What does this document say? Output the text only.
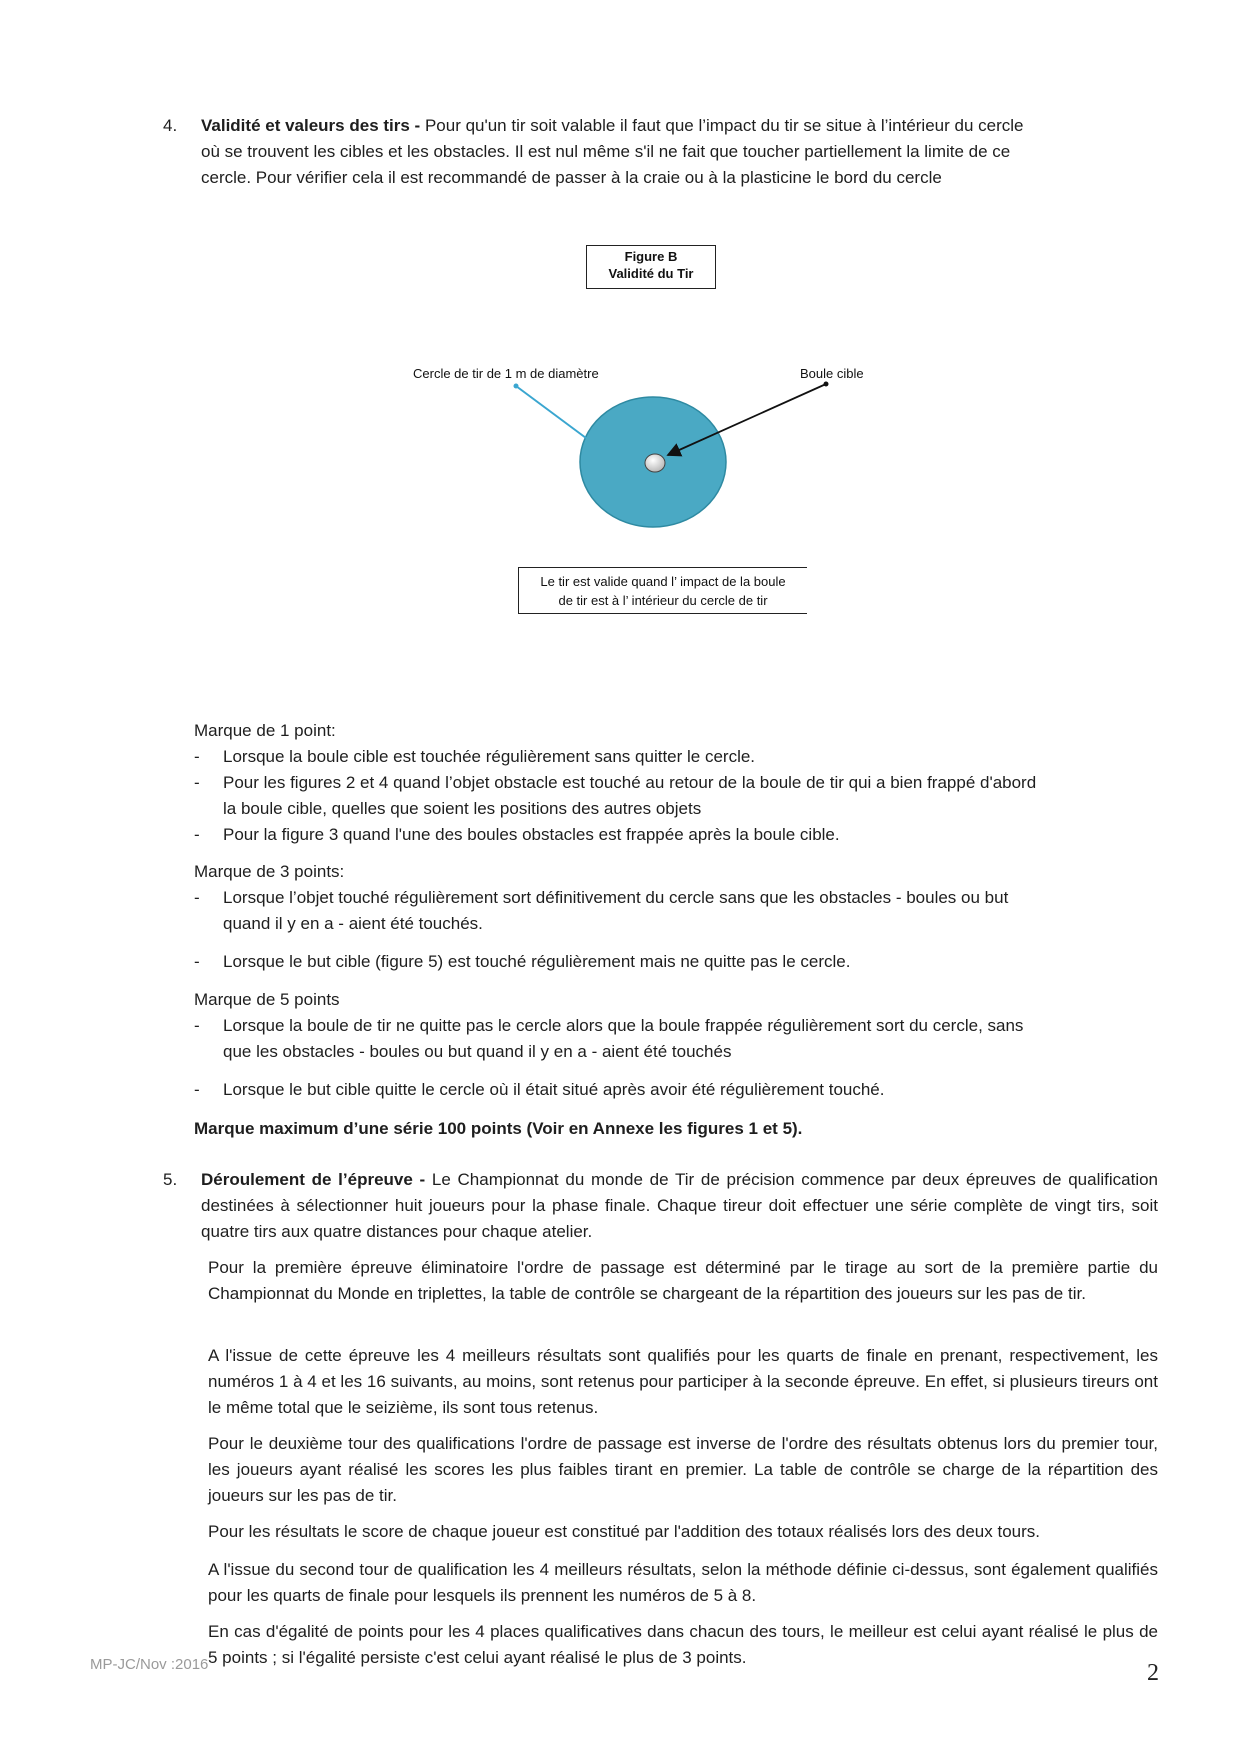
4. Validité et valeurs des tirs - Pour qu'un tir soit valable il faut que l’impact du tir se situe à l’intérieur du cercle
où se trouvent les cibles et les obstacles. Il est nul même s'il ne fait que toucher partiellement la limite de ce
cercle. Pour vérifier cela il est recommandé de passer à la craie ou à la plasticine le bord du cercle
Figure B
Validité du Tir
Cercle de tir de 1 m de diamètre	Boule cible
Le tir est valide quand l’ impact de la boule
de tir est à l’ intérieur du cercle de tir
Marque de 1 point:
- Lorsque la boule cible est touchée régulièrement sans quitter le cercle.
- Pour les figures 2 et 4 quand l’objet obstacle est touché au retour de la boule de tir qui a bien frappé d'abord
la boule cible, quelles que soient les positions des autres objets
- Pour la figure 3 quand l'une des boules obstacles est frappée après la boule cible.
Marque de 3 points:
- Lorsque l’objet touché régulièrement sort définitivement du cercle sans que les obstacles - boules ou but
quand il y en a - aient été touchés.
- Lorsque le but cible (figure 5) est touché régulièrement mais ne quitte pas le cercle.
Marque de 5 points
- Lorsque la boule de tir ne quitte pas le cercle alors que la boule frappée régulièrement sort du cercle, sans
que les obstacles - boules ou but quand il y en a - aient été touchés
- Lorsque le but cible quitte le cercle où il était situé après avoir été régulièrement touché.
Marque maximum d’une série 100 points (Voir en Annexe les figures 1 et 5).
5. Déroulement de l’épreuve - Le Championnat du monde de Tir de précision commence par deux épreuves de qualification destinées à sélectionner huit joueurs pour la phase finale. Chaque tireur doit effectuer une série complète de vingt tirs, soit quatre tirs aux quatre distances pour chaque atelier.
Pour la première épreuve éliminatoire l'ordre de passage est déterminé par le tirage au sort de la première partie du Championnat du Monde en triplettes, la table de contrôle se chargeant de la répartition des joueurs sur les pas de tir.
A l'issue de cette épreuve les 4 meilleurs résultats sont qualifiés pour les quarts de finale en prenant, respectivement, les numéros 1 à 4 et les 16 suivants, au moins, sont retenus pour participer à la seconde épreuve. En effet, si plusieurs tireurs ont le même total que le seizième, ils sont tous retenus.
Pour le deuxième tour des qualifications l'ordre de passage est inverse de l'ordre des résultats obtenus lors du premier tour, les joueurs ayant réalisé les scores les plus faibles tirant en premier. La table de contrôle se charge de la répartition des joueurs sur les pas de tir.
Pour les résultats le score de chaque joueur est constitué par l'addition des totaux réalisés lors des deux tours.
A l'issue du second tour de qualification les 4 meilleurs résultats, selon la méthode définie ci-dessus, sont également qualifiés pour les quarts de finale pour lesquels ils prennent les numéros de 5 à 8.
En cas d'égalité de points pour les 4 places qualificatives dans chacun des tours, le meilleur est celui ayant réalisé le plus de 5 points ; si l'égalité persiste c'est celui ayant réalisé le plus de 3 points.
MP-JC/Nov :2016	2
